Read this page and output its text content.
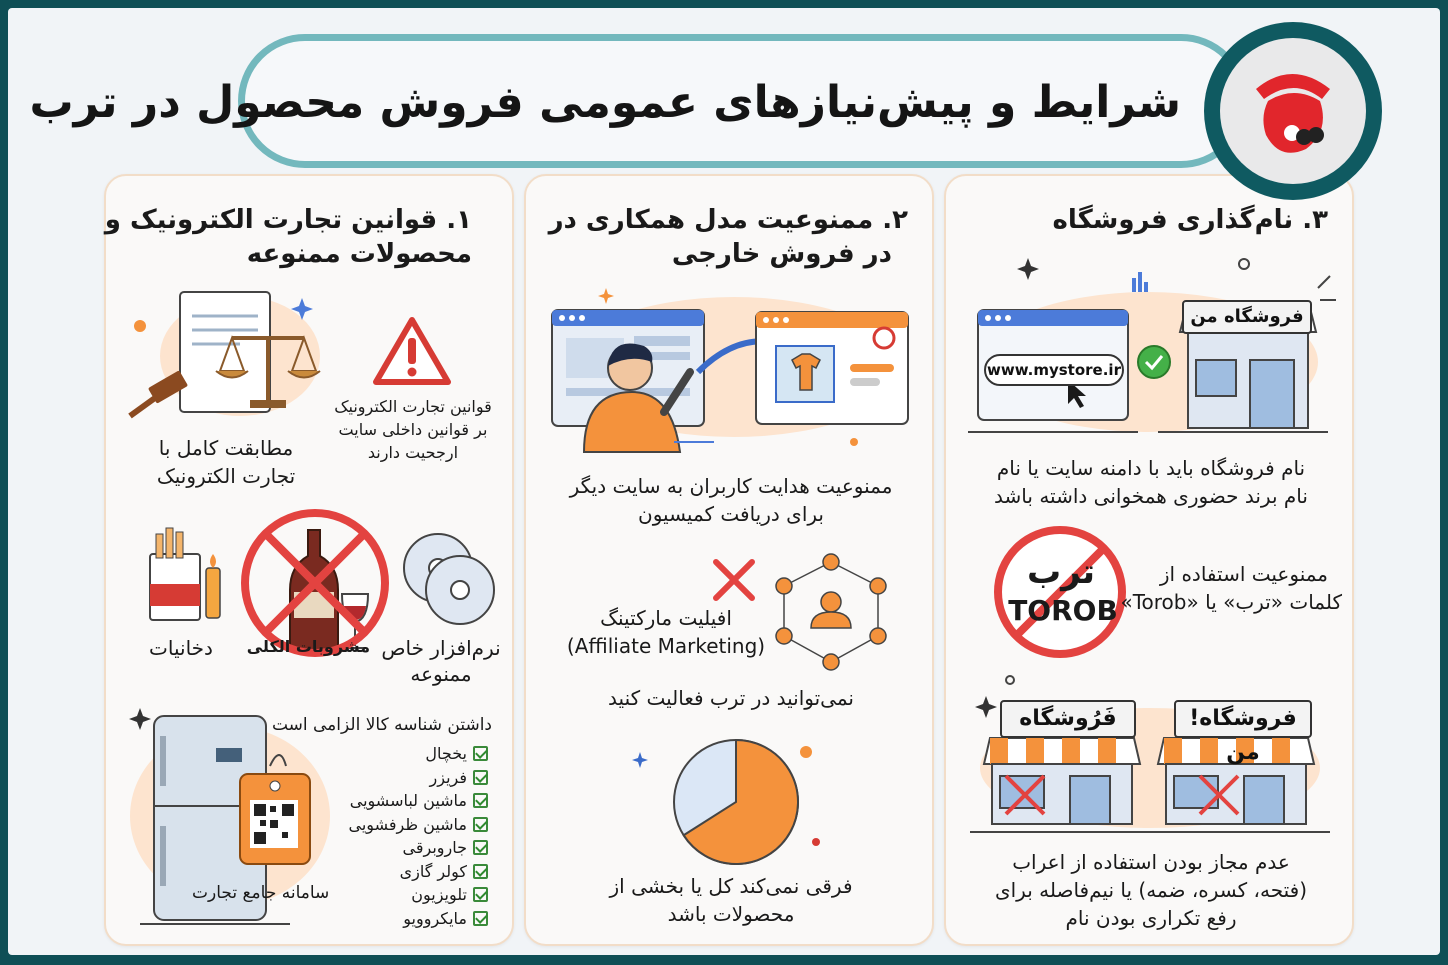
شرایط و پیش‌نیازهای عمومی فروش محصول در ترب
۱. قوانین تجارت الکترونیک و
محصولات ممنوعه
قوانین تجارت الکترونیک
بر قوانین داخلی سایت
ارجحیت دارند
مطابقت کامل با
تجارت الکترونیک
دخانیات	مشروبات الکلی نرم‌افزار خاص
ممنوعه
داشتن شناسه کالا الزامی است
یخچال
فریزر
ماشین لباسشویی
ماشین ظرفشویی
جاروبرقی
کولر گازی
تلویزیون
مایکروویو
سامانه جامع تجارت
۲. ممنوعیت مدل همکاری در
در فروش خارجی
ممنوعیت هدایت کاربران به سایت دیگر
برای دریافت کمیسیون
افیلیت مارکتینگ
(Affiliate Marketing)
نمی‌توانید در ترب فعالیت کنید
فرقی نمی‌کند کل یا بخشی از
محصولات باشد
۳. نام‌گذاری فروشگاه
www.mystore.ir
فروشگاه من
نام فروشگاه باید با دامنه سایت یا نام
نام برند حضوری همخوانی داشته باشد
ترب
TOROB
ممنوعیت استفاده از
کلمات «ترب» یا «Torob»
فَرُوشگاه	فروشگاه!من
عدم مجاز بودن استفاده از اعراب
(فتحه، کسره، ضمه) یا نیم‌فاصله برای
رفع تکراری بودن نام
